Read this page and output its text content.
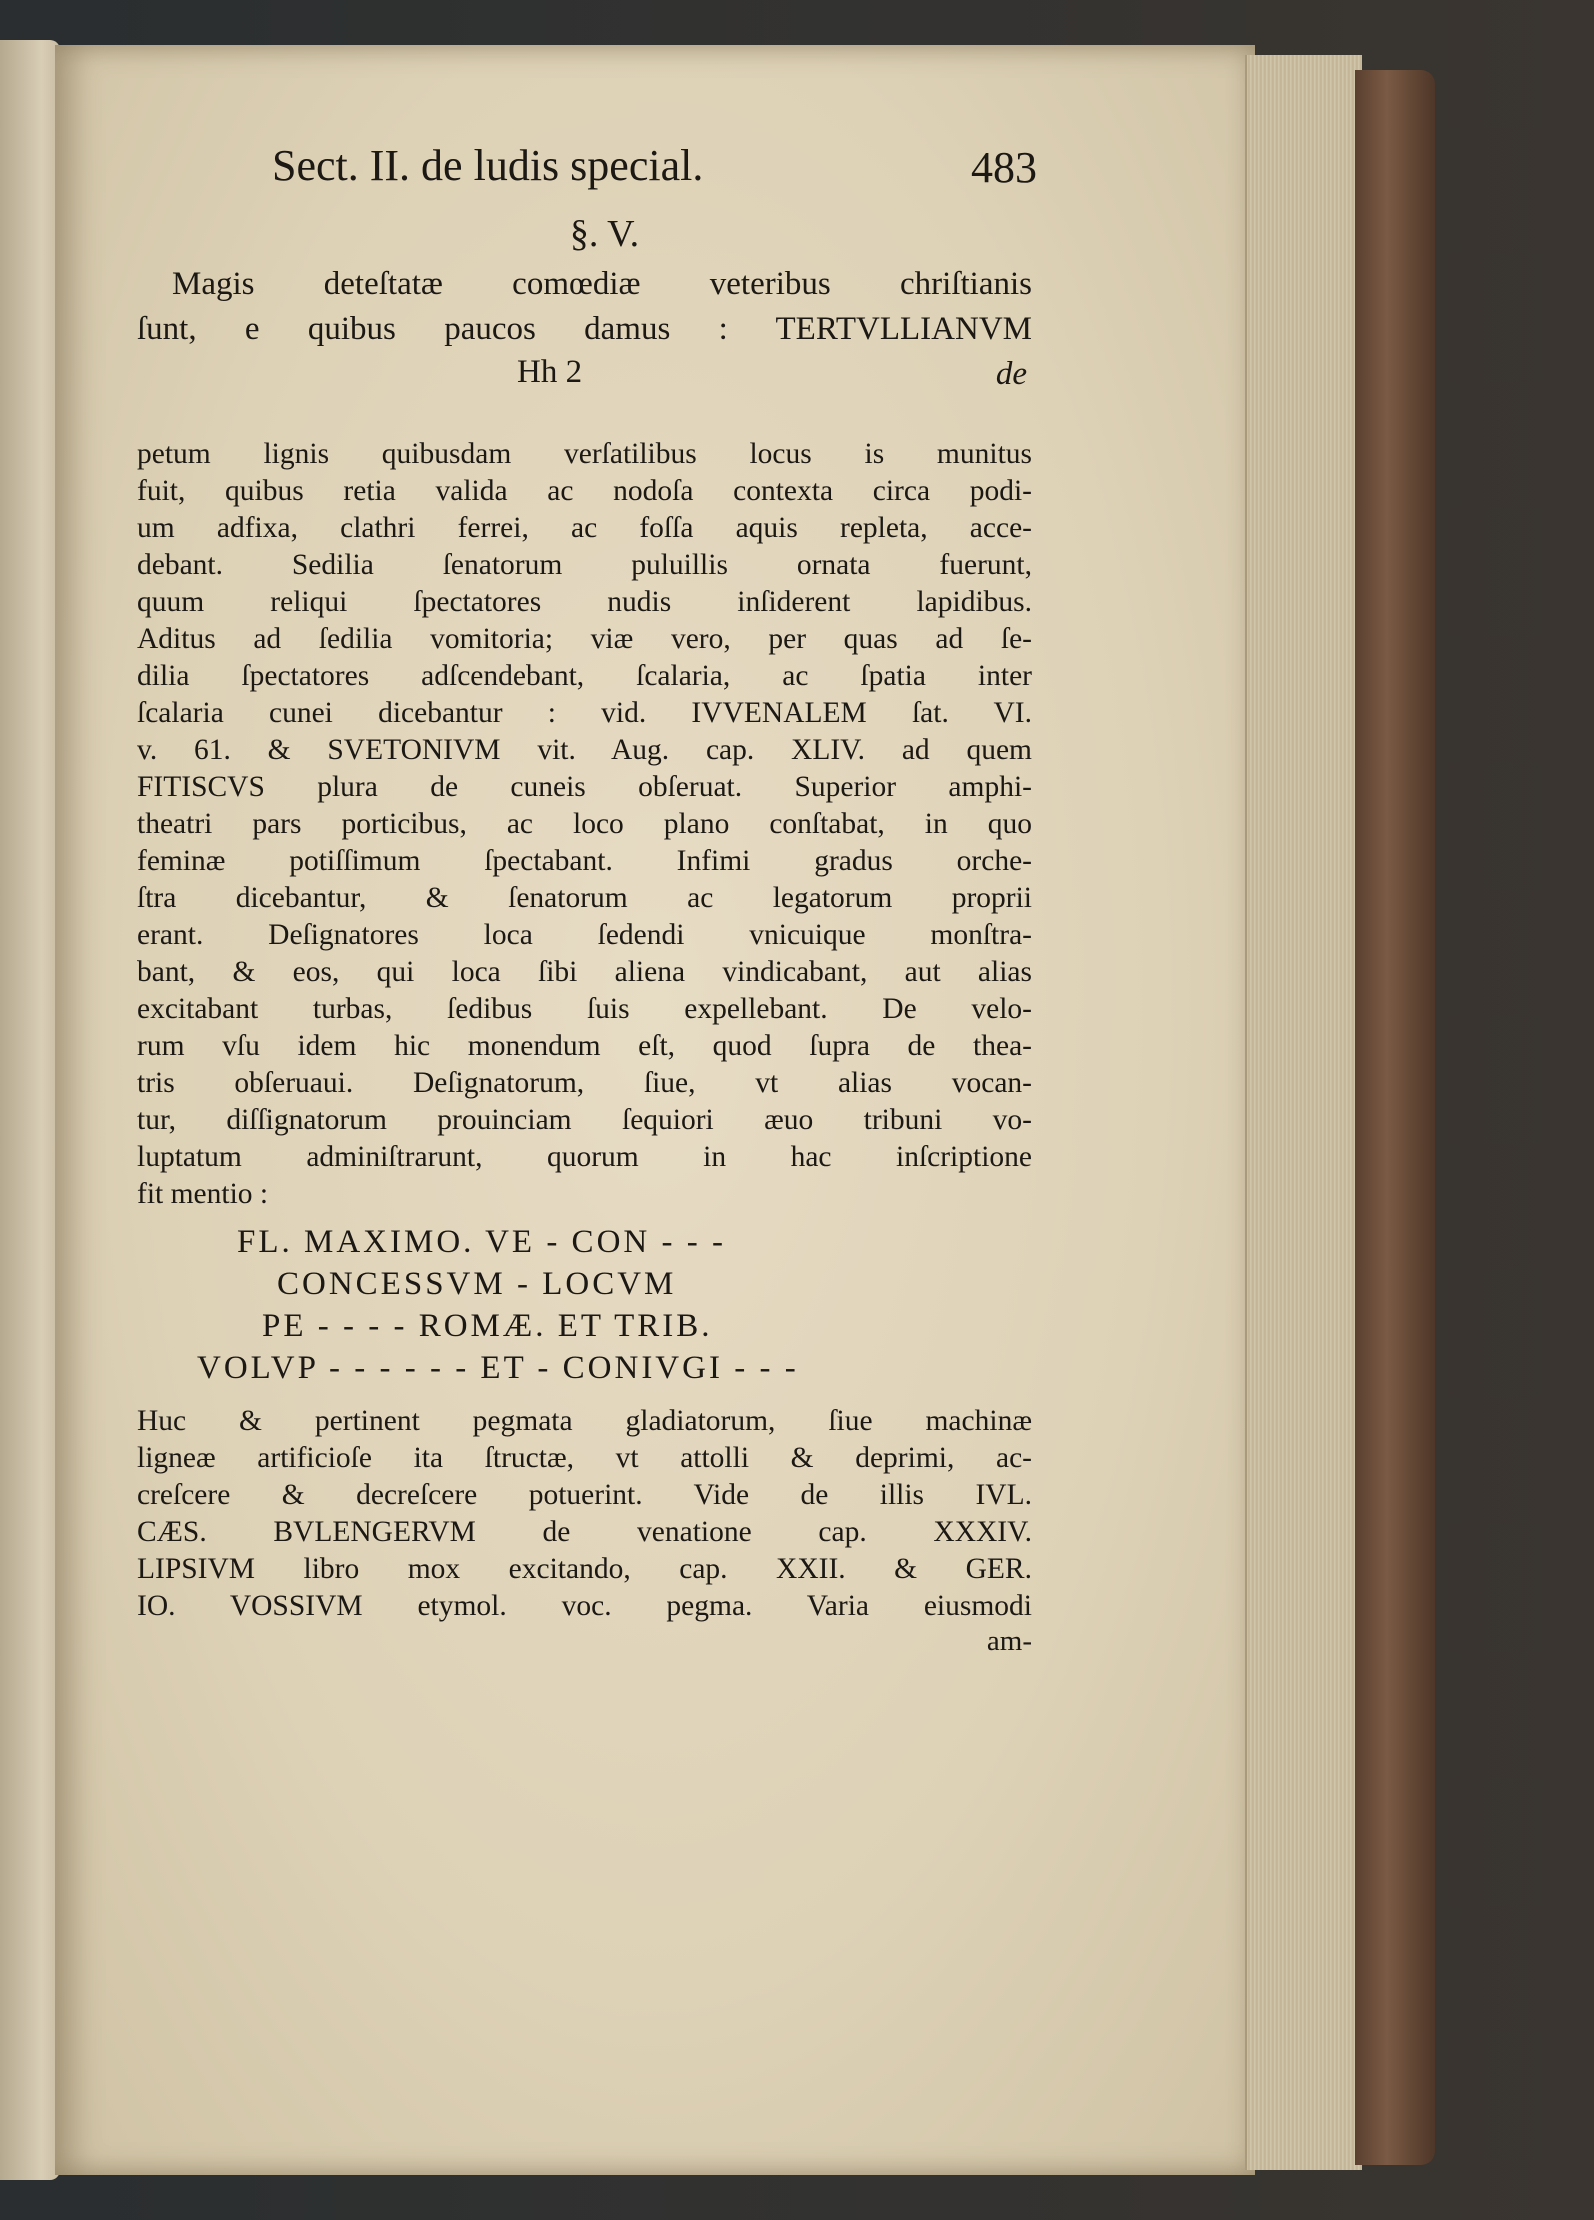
Sect. II. de ludis special.	483
§. V.
Magis deteſtatæ comœdiæ veteribus chriſtianis
ſunt, e quibus paucos damus : TERTVLLIANVM
Hh 2	de
petum lignis quibusdam verſatilibus locus is munitus
fuit, quibus retia valida ac nodoſa contexta circa podi-
um adfixa, clathri ferrei, ac foſſa aquis repleta, acce-
debant. Sedilia ſenatorum puluillis ornata fuerunt,
quum reliqui ſpectatores nudis inſiderent lapidibus.
Aditus ad ſedilia vomitoria; viæ vero, per quas ad ſe-
dilia ſpectatores adſcendebant, ſcalaria, ac ſpatia inter
ſcalaria cunei dicebantur : vid. IVVENALEM ſat. VI.
v. 61. & SVETONIVM vit. Aug. cap. XLIV. ad quem
FITISCVS plura de cuneis obſeruat. Superior amphi-
theatri pars porticibus, ac loco plano conſtabat, in quo
feminæ potiſſimum ſpectabant. Infimi gradus orche-
ſtra dicebantur, & ſenatorum ac legatorum proprii
erant. Deſignatores loca ſedendi vnicuique monſtra-
bant, & eos, qui loca ſibi aliena vindicabant, aut alias
excitabant turbas, ſedibus ſuis expellebant. De velo-
rum vſu idem hic monendum eſt, quod ſupra de thea-
tris obſeruaui. Deſignatorum, ſiue, vt alias vocan-
tur, diſſignatorum prouinciam ſequiori æuo tribuni vo-
luptatum adminiſtrarunt, quorum in hac inſcriptione
fit mentio :
FL. MAXIMO. VE - CON - - -
CONCESSVM - LOCVM
PE - - - - ROMÆ. ET TRIB.
VOLVP - - - - - - ET - CONIVGI - - -
Huc & pertinent pegmata gladiatorum, ſiue machinæ
ligneæ artificioſe ita ſtructæ, vt attolli & deprimi, ac-
creſcere & decreſcere potuerint. Vide de illis IVL.
CÆS. BVLENGERVM de venatione cap. XXXIV.
LIPSIVM libro mox excitando, cap. XXII. & GER.
IO. VOSSIVM etymol. voc. pegma. Varia eiusmodi
am-
